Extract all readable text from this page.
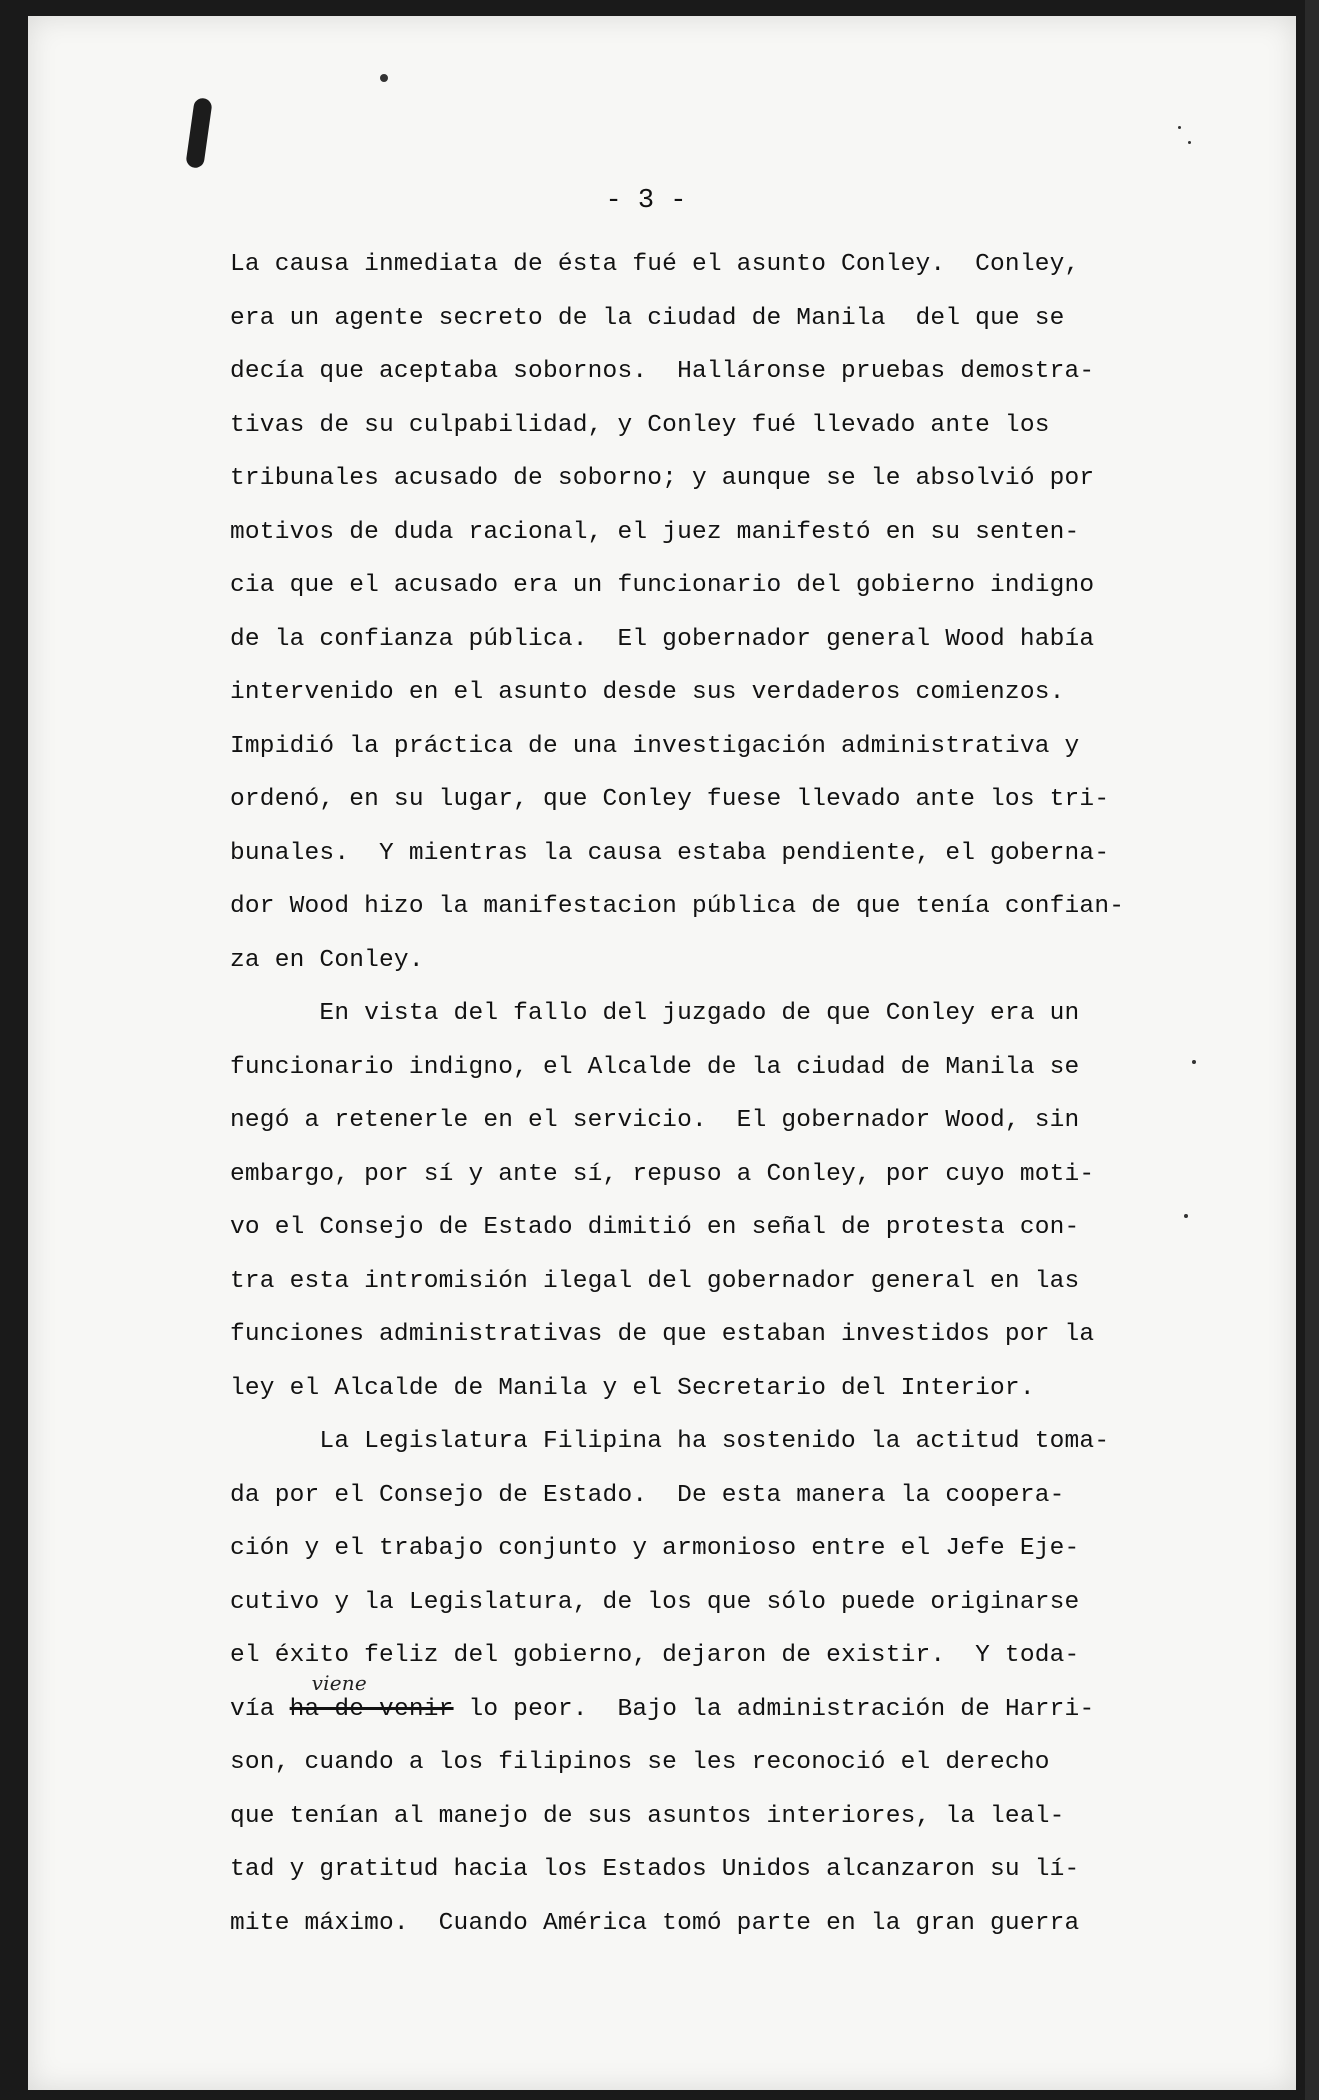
- 3 -
La causa inmediata de ésta fué el asunto Conley.  Conley,
era un agente secreto de la ciudad de Manila  del que se
decía que aceptaba sobornos.  Halláronse pruebas demostra-
tivas de su culpabilidad, y Conley fué llevado ante los
tribunales acusado de soborno; y aunque se le absolvió por
motivos de duda racional, el juez manifestó en su senten-
cia que el acusado era un funcionario del gobierno indigno
de la confianza pública.  El gobernador general Wood había
intervenido en el asunto desde sus verdaderos comienzos.
Impidió la práctica de una investigación administrativa y
ordenó, en su lugar, que Conley fuese llevado ante los tri-
bunales.  Y mientras la causa estaba pendiente, el goberna-
dor Wood hizo la manifestacion pública de que tenía confian-
za en Conley.
En vista del fallo del juzgado de que Conley era un
funcionario indigno, el Alcalde de la ciudad de Manila se
negó a retenerle en el servicio.  El gobernador Wood, sin
embargo, por sí y ante sí, repuso a Conley, por cuyo moti-
vo el Consejo de Estado dimitió en señal de protesta con-
tra esta intromisión ilegal del gobernador general en las
funciones administrativas de que estaban investidos por la
ley el Alcalde de Manila y el Secretario del Interior.
La Legislatura Filipina ha sostenido la actitud toma-
da por el Consejo de Estado.  De esta manera la coopera-
ción y el trabajo conjunto y armonioso entre el Jefe Eje-
cutivo y la Legislatura, de los que sólo puede originarse
el éxito feliz del gobierno, dejaron de existir.  Y toda-
vía
viene
ha de venir lo peor.  Bajo la administración de Harri-
son, cuando a los filipinos se les reconoció el derecho
que tenían al manejo de sus asuntos interiores, la leal-
tad y gratitud hacia los Estados Unidos alcanzaron su lí-
mite máximo.  Cuando América tomó parte en la gran guerra
